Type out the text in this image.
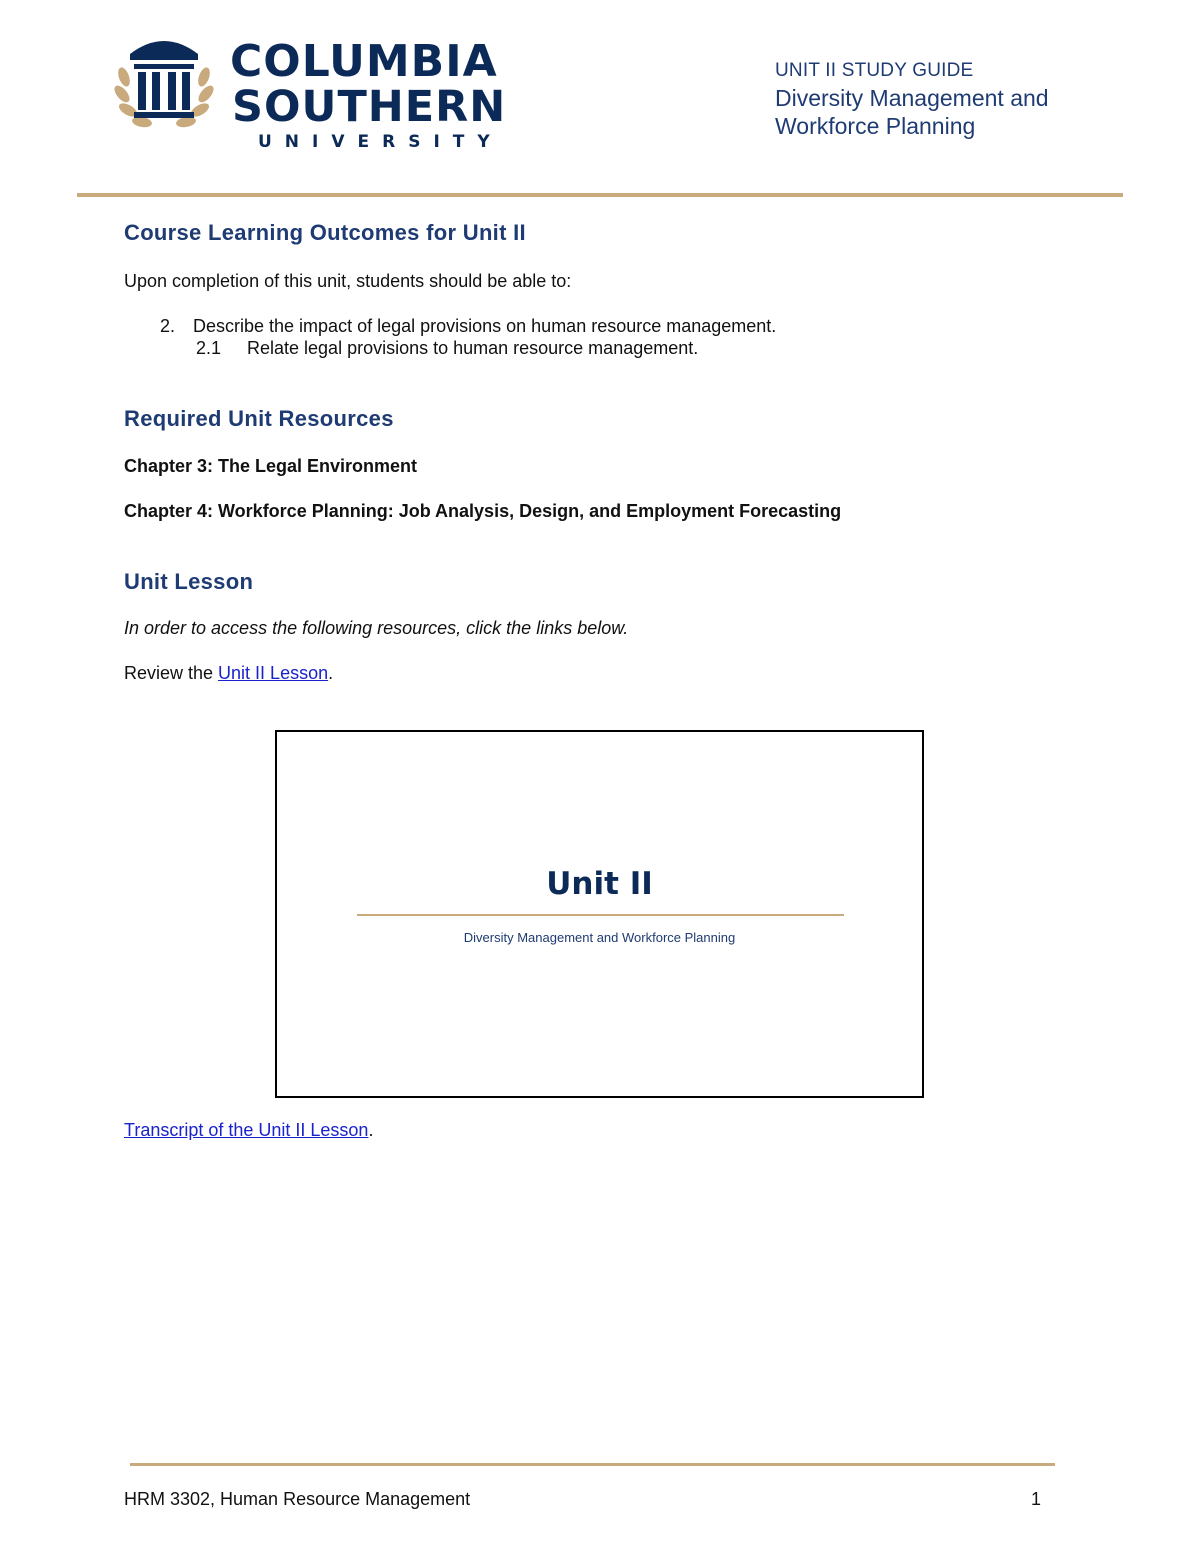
COLUMBIA
SOUTHERN
UNIVERSITY
UNIT II STUDY GUIDE
Diversity Management and Workforce Planning
Course Learning Outcomes for Unit II

Upon completion of this unit, students should be able to:

2. Describe the impact of legal provisions on human resource management.
2.1 Relate legal provisions to human resource management.
Required Unit Resources

Chapter 3: The Legal Environment

Chapter 4: Workforce Planning: Job Analysis, Design, and Employment Forecasting

Unit Lesson

In order to access the following resources, click the links below.

Review the Unit II Lesson.

Unit II
Diversity Management and Workforce Planning

Transcript of the Unit II Lesson.

HRM 3302, Human Resource Management	1
